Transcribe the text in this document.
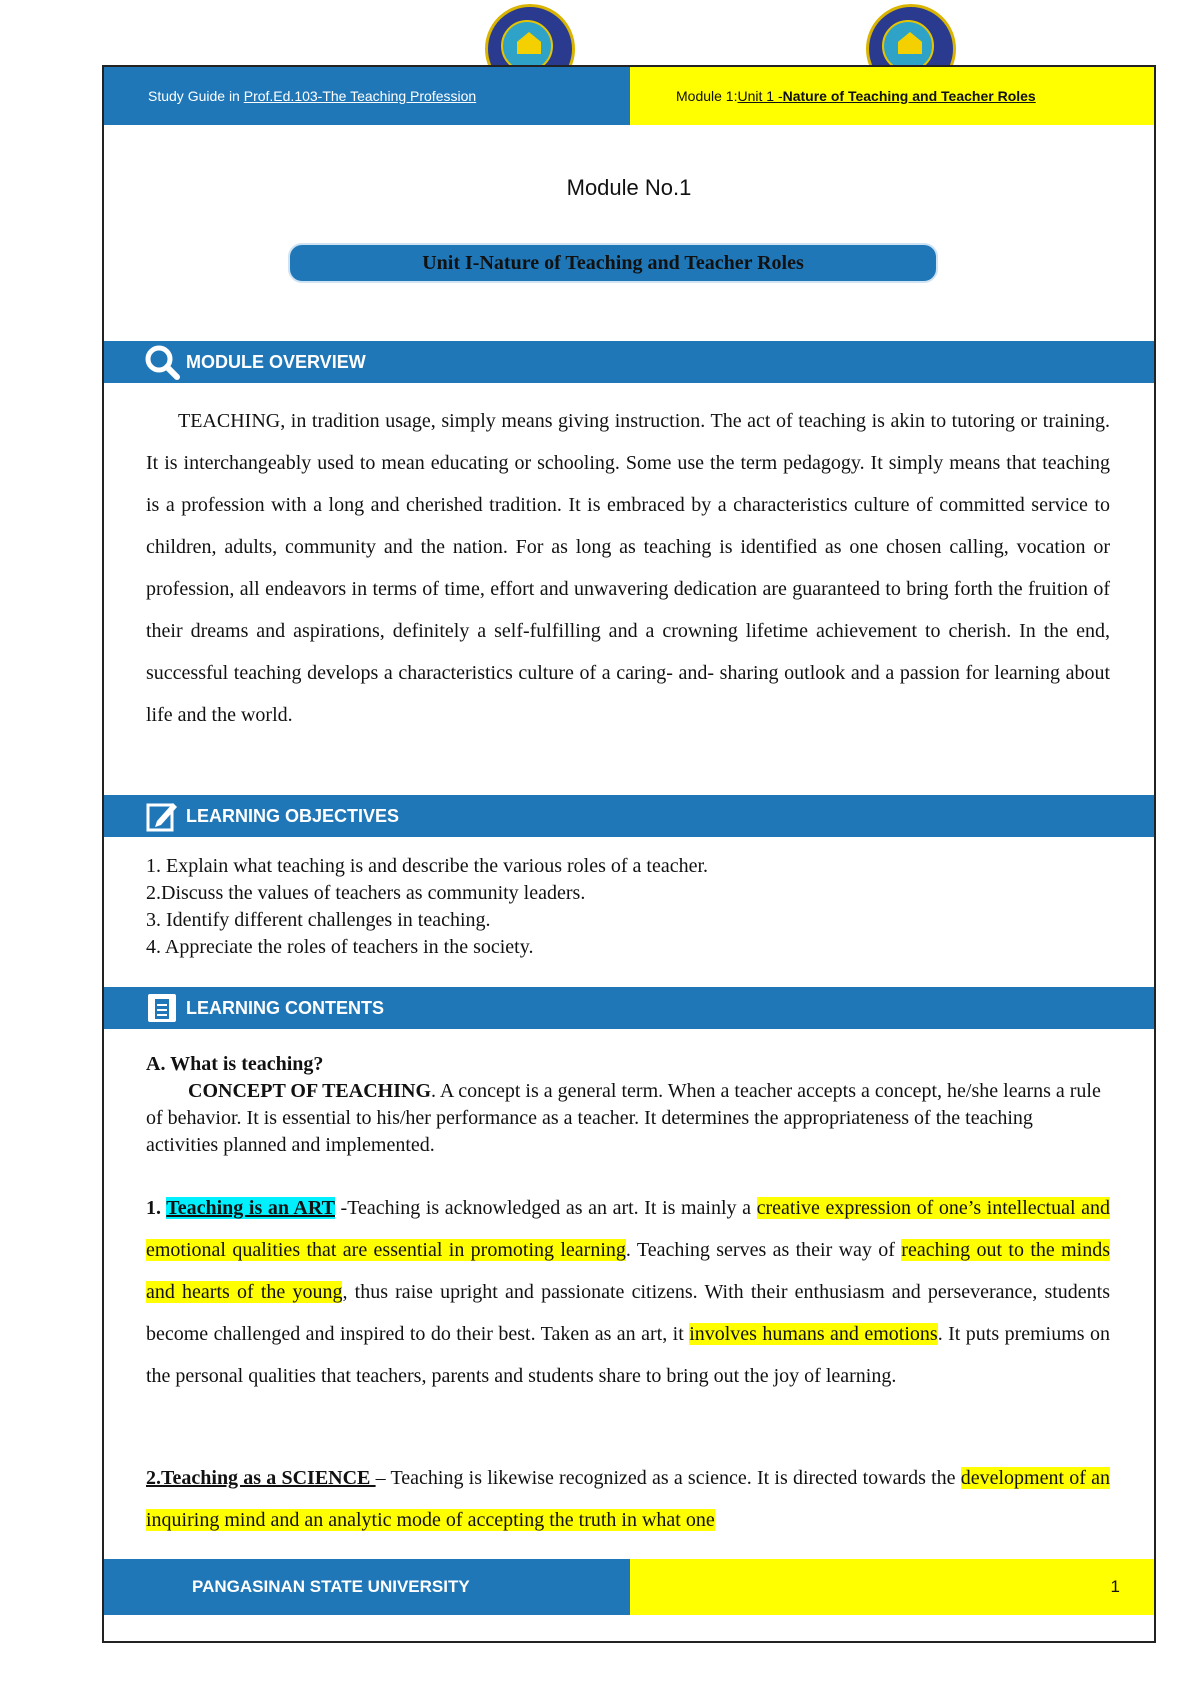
Study Guide in
Prof.Ed.103-The Teaching Profession	Module 1: Unit 1 - Nature of Teaching and Teacher Roles
Module No.1
Unit I-Nature of Teaching and Teacher Roles
MODULE OVERVIEW
TEACHING, in tradition usage, simply means giving instruction. The act of teaching is akin to tutoring or training. It is interchangeably used to mean educating or schooling. Some use the term pedagogy. It simply means that teaching is a profession with a long and cherished tradition. It is embraced by a characteristics culture of committed service to children, adults, community and the nation. For as long as teaching is identified as one chosen calling, vocation or profession, all endeavors in terms of time, effort and unwavering dedication are guaranteed to bring forth the fruition of their dreams and aspirations, definitely a self-fulfilling and a crowning lifetime achievement to cherish. In the end, successful teaching develops a characteristics culture of a caring- and- sharing outlook and a passion for learning about life and the world.
LEARNING OBJECTIVES
1. Explain what teaching is and describe the various roles of a teacher.
2.Discuss the values of teachers as community leaders.
3. Identify different challenges in teaching.
4. Appreciate the roles of teachers in the society.
LEARNING CONTENTS
A. What is teaching?
CONCEPT OF TEACHING. A concept is a general term. When a teacher accepts a concept, he/she learns a rule of behavior. It is essential to his/her performance as a teacher. It determines the appropriateness of the teaching activities planned and implemented.
1. Teaching is an ART -Teaching is acknowledged as an art. It is mainly a creative expression of one’s intellectual and emotional qualities that are essential in promoting learning. Teaching serves as their way of reaching out to the minds and hearts of the young, thus raise upright and passionate citizens. With their enthusiasm and perseverance, students become challenged and inspired to do their best. Taken as an art, it involves humans and emotions. It puts premiums on the personal qualities that teachers, parents and students share to bring out the joy of learning.
2.Teaching as a SCIENCE – Teaching is likewise recognized as a science. It is directed towards the development of an inquiring mind and an analytic mode of accepting the truth in what one
PANGASINAN STATE UNIVERSITY	1
